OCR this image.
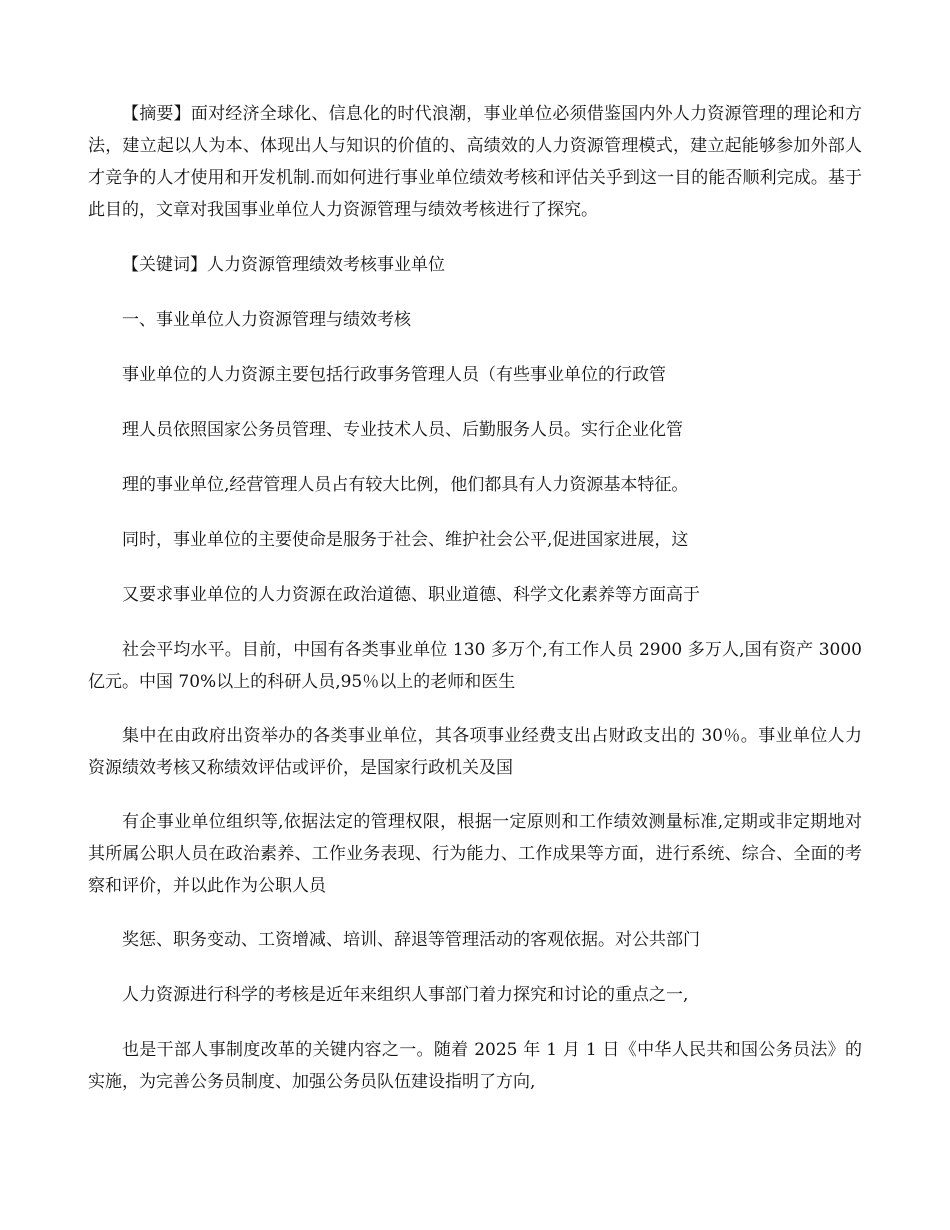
【摘要】面对经济全球化、信息化的时代浪潮，事业单位必须借鉴国内外人力资源管理的理论和方法，建立起以人为本、体现出人与知识的价值的、高绩效的人力资源管理模式，建立起能够参加外部人才竞争的人才使用和开发机制.而如何进行事业单位绩效考核和评估关乎到这一目的能否顺利完成。基于此目的，文章对我国事业单位人力资源管理与绩效考核进行了探究。

【关键词】人力资源管理绩效考核事业单位

一、事业单位人力资源管理与绩效考核

事业单位的人力资源主要包括行政事务管理人员（有些事业单位的行政管

理人员依照国家公务员管理、专业技术人员、后勤服务人员。实行企业化管

理的事业单位,经营管理人员占有较大比例，他们都具有人力资源基本特征。

同时，事业单位的主要使命是服务于社会、维护社会公平,促进国家进展，这

又要求事业单位的人力资源在政治道德、职业道德、科学文化素养等方面高于

社会平均水平。目前，中国有各类事业单位 130 多万个,有工作人员 2900 多万人,国有资产 3000 亿元。中国 70%以上的科研人员,95％以上的老师和医生

集中在由政府出资举办的各类事业单位，其各项事业经费支出占财政支出的 30％。事业单位人力资源绩效考核又称绩效评估或评价，是国家行政机关及国

有企事业单位组织等,依据法定的管理权限，根据一定原则和工作绩效测量标准,定期或非定期地对其所属公职人员在政治素养、工作业务表现、行为能力、工作成果等方面，进行系统、综合、全面的考察和评价，并以此作为公职人员

奖惩、职务变动、工资增减、培训、辞退等管理活动的客观依据。对公共部门

人力资源进行科学的考核是近年来组织人事部门着力探究和讨论的重点之一,

也是干部人事制度改革的关键内容之一。随着 2025 年 1 月 1 日《中华人民共和国公务员法》的实施，为完善公务员制度、加强公务员队伍建设指明了方向,
